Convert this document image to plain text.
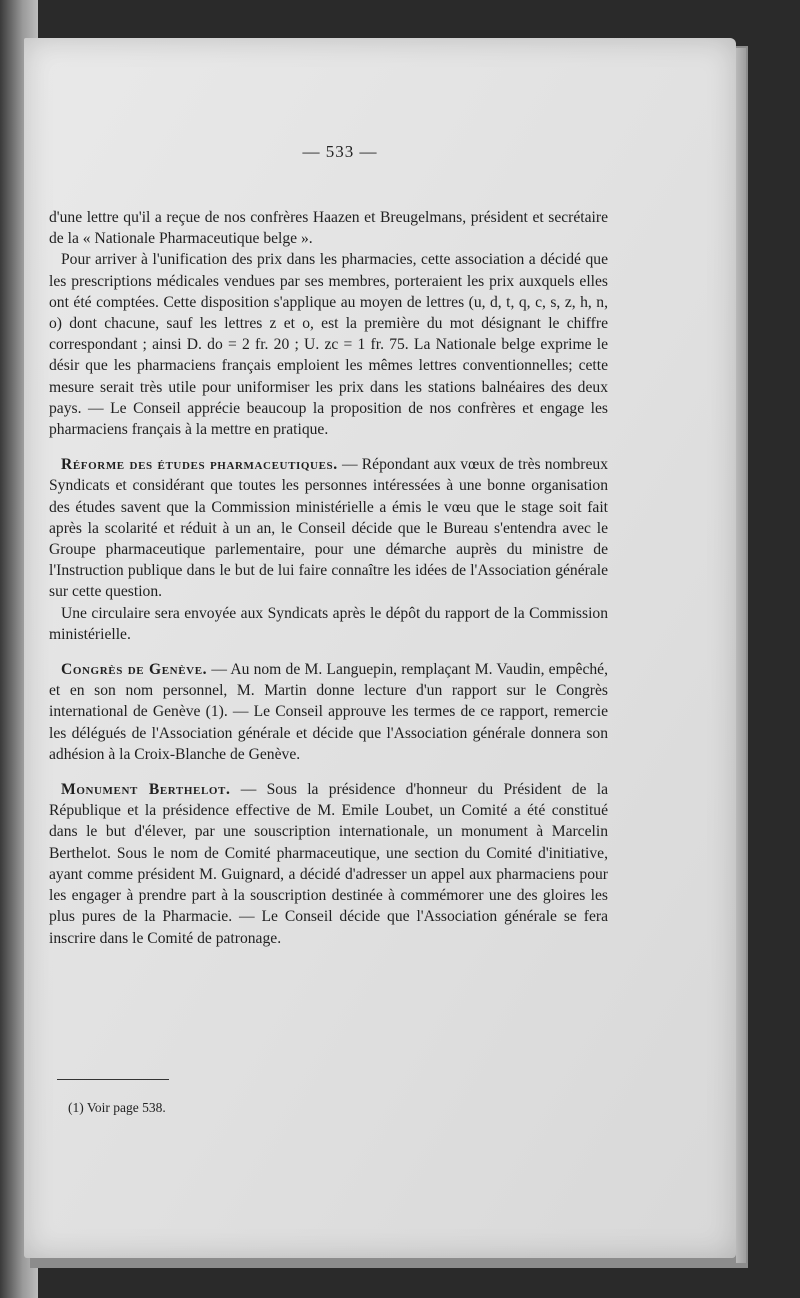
— 533 —

d'une lettre qu'il a reçue de nos confrères Haazen et Breugelmans, président et secrétaire de la « Nationale Pharmaceutique belge ».

Pour arriver à l'unification des prix dans les pharmacies, cette association a décidé que les prescriptions médicales vendues par ses membres, porteraient les prix auxquels elles ont été comptées. Cette disposition s'applique au moyen de lettres (u, d, t, q, c, s, z, h, n, o) dont chacune, sauf les lettres z et o, est la première du mot désignant le chiffre correspondant ; ainsi D. do = 2 fr. 20 ; U. zc = 1 fr. 75. La Nationale belge exprime le désir que les pharmaciens français emploient les mêmes lettres conventionnelles; cette mesure serait très utile pour uniformiser les prix dans les stations balnéaires des deux pays. — Le Conseil apprécie beaucoup la proposition de nos confrères et engage les pharmaciens français à la mettre en pratique.

Réforme des études pharmaceutiques. — Répondant aux vœux de très nombreux Syndicats et considérant que toutes les personnes intéressées à une bonne organisation des études savent que la Commission ministérielle a émis le vœu que le stage soit fait après la scolarité et réduit à un an, le Conseil décide que le Bureau s'entendra avec le Groupe pharmaceutique parlementaire, pour une démarche auprès du ministre de l'Instruction publique dans le but de lui faire connaître les idées de l'Association générale sur cette question.

Une circulaire sera envoyée aux Syndicats après le dépôt du rapport de la Commission ministérielle.

Congrès de Genève. — Au nom de M. Languepin, remplaçant M. Vaudin, empêché, et en son nom personnel, M. Martin donne lecture d'un rapport sur le Congrès international de Genève (1). — Le Conseil approuve les termes de ce rapport, remercie les délégués de l'Association générale et décide que l'Association générale donnera son adhésion à la Croix-Blanche de Genève.

Monument Berthelot. — Sous la présidence d'honneur du Président de la République et la présidence effective de M. Emile Loubet, un Comité a été constitué dans le but d'élever, par une souscription internationale, un monument à Marcelin Berthelot. Sous le nom de Comité pharmaceutique, une section du Comité d'initiative, ayant comme président M. Guignard, a décidé d'adresser un appel aux pharmaciens pour les engager à prendre part à la souscription destinée à commémorer une des gloires les plus pures de la Pharmacie. — Le Conseil décide que l'Association générale se fera inscrire dans le Comité de patronage.

(1) Voir page 538.
